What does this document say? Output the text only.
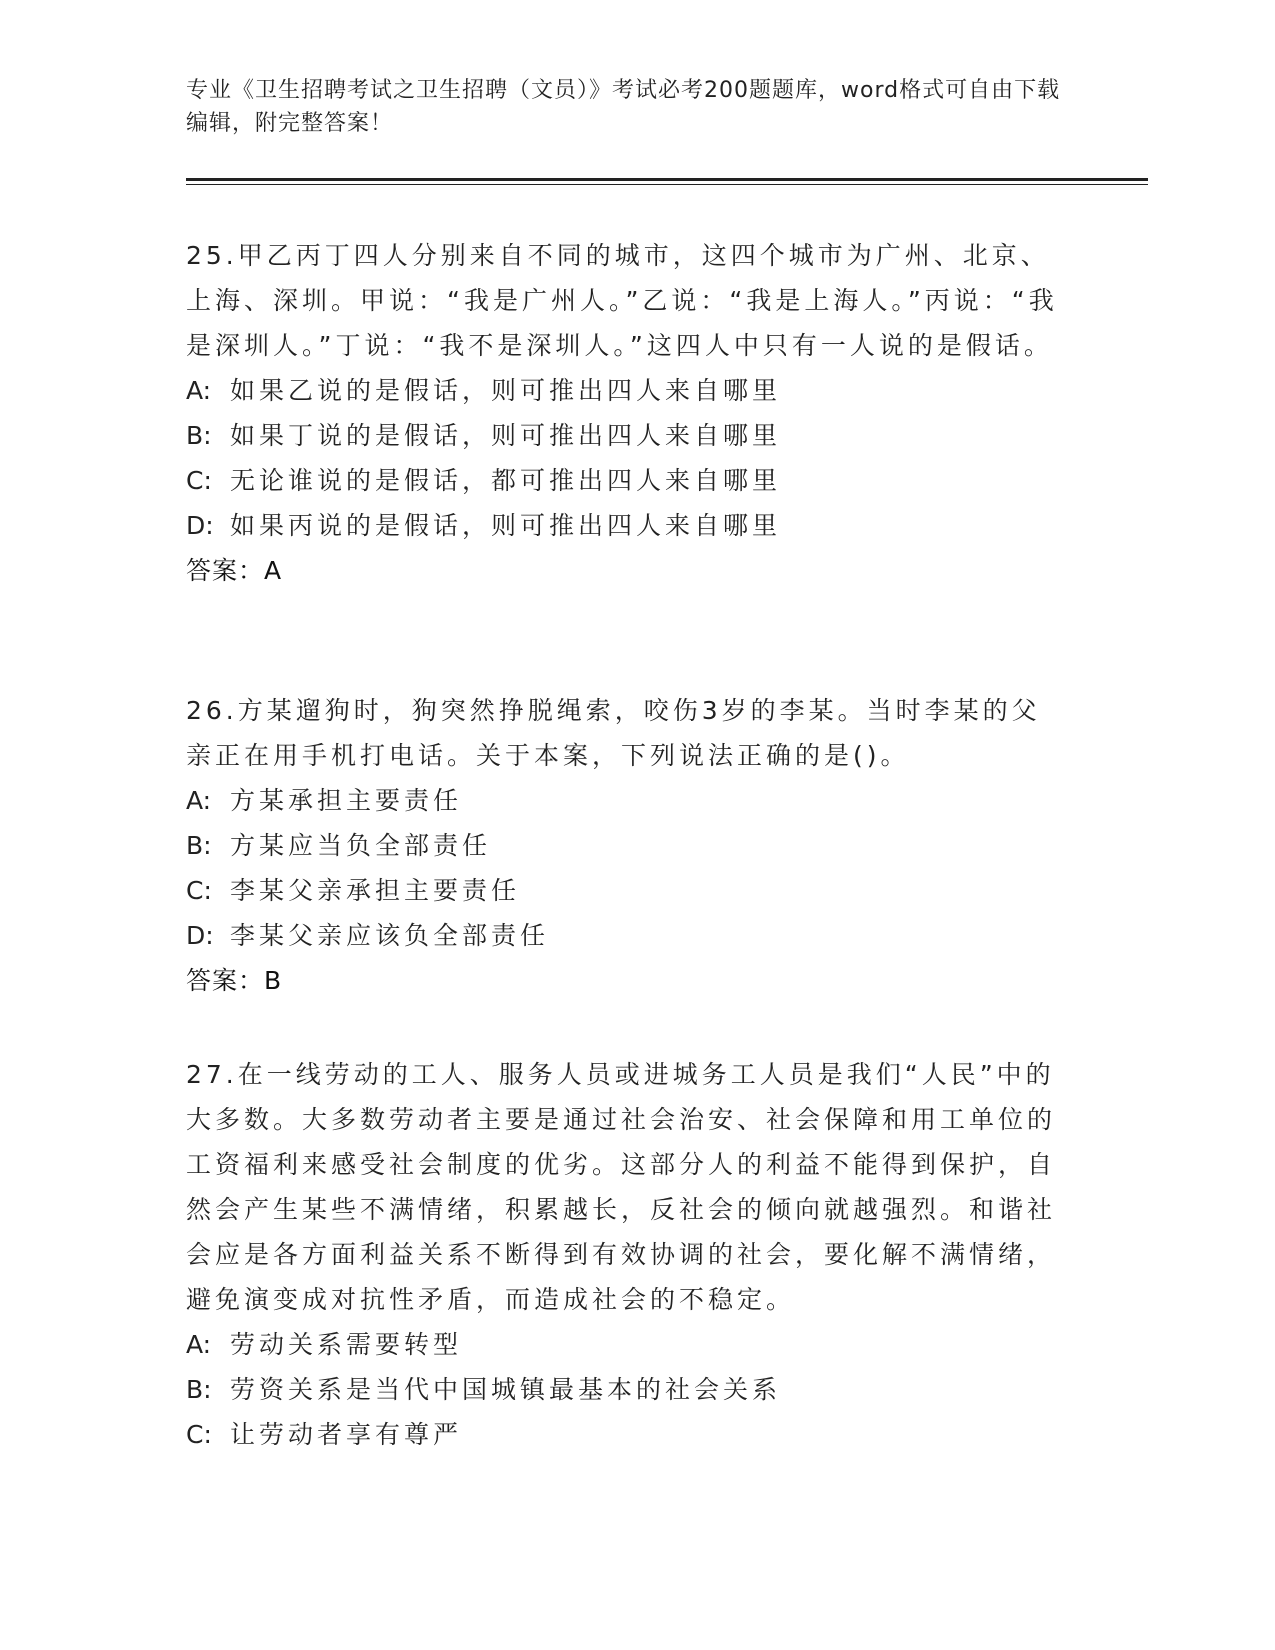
专业《卫生招聘考试之卫生招聘（文员）》考试必考200题题库，word格式可自由下载编辑，附完整答案！

25.甲乙丙丁四人分别来自不同的城市，这四个城市为广州、北京、上海、深圳。甲说：“我是广州人。”乙说：“我是上海人。”丙说：“我是深圳人。”丁说：“我不是深圳人。”这四人中只有一人说的是假话。

A: 如果乙说的是假话，则可推出四人来自哪里

B: 如果丁说的是假话，则可推出四人来自哪里

C: 无论谁说的是假话，都可推出四人来自哪里

D: 如果丙说的是假话，则可推出四人来自哪里

答案：A

26.方某遛狗时，狗突然挣脱绳索，咬伤3岁的李某。当时李某的父亲正在用手机打电话。关于本案，下列说法正确的是()。

A: 方某承担主要责任

B: 方某应当负全部责任

C: 李某父亲承担主要责任

D: 李某父亲应该负全部责任

答案：B

27.在一线劳动的工人、服务人员或进城务工人员是我们“人民”中的大多数。大多数劳动者主要是通过社会治安、社会保障和用工单位的工资福利来感受社会制度的优劣。这部分人的利益不能得到保护，自然会产生某些不满情绪，积累越长，反社会的倾向就越强烈。和谐社会应是各方面利益关系不断得到有效协调的社会，要化解不满情绪，避免演变成对抗性矛盾，而造成社会的不稳定。

A: 劳动关系需要转型

B: 劳资关系是当代中国城镇最基本的社会关系

C: 让劳动者享有尊严
